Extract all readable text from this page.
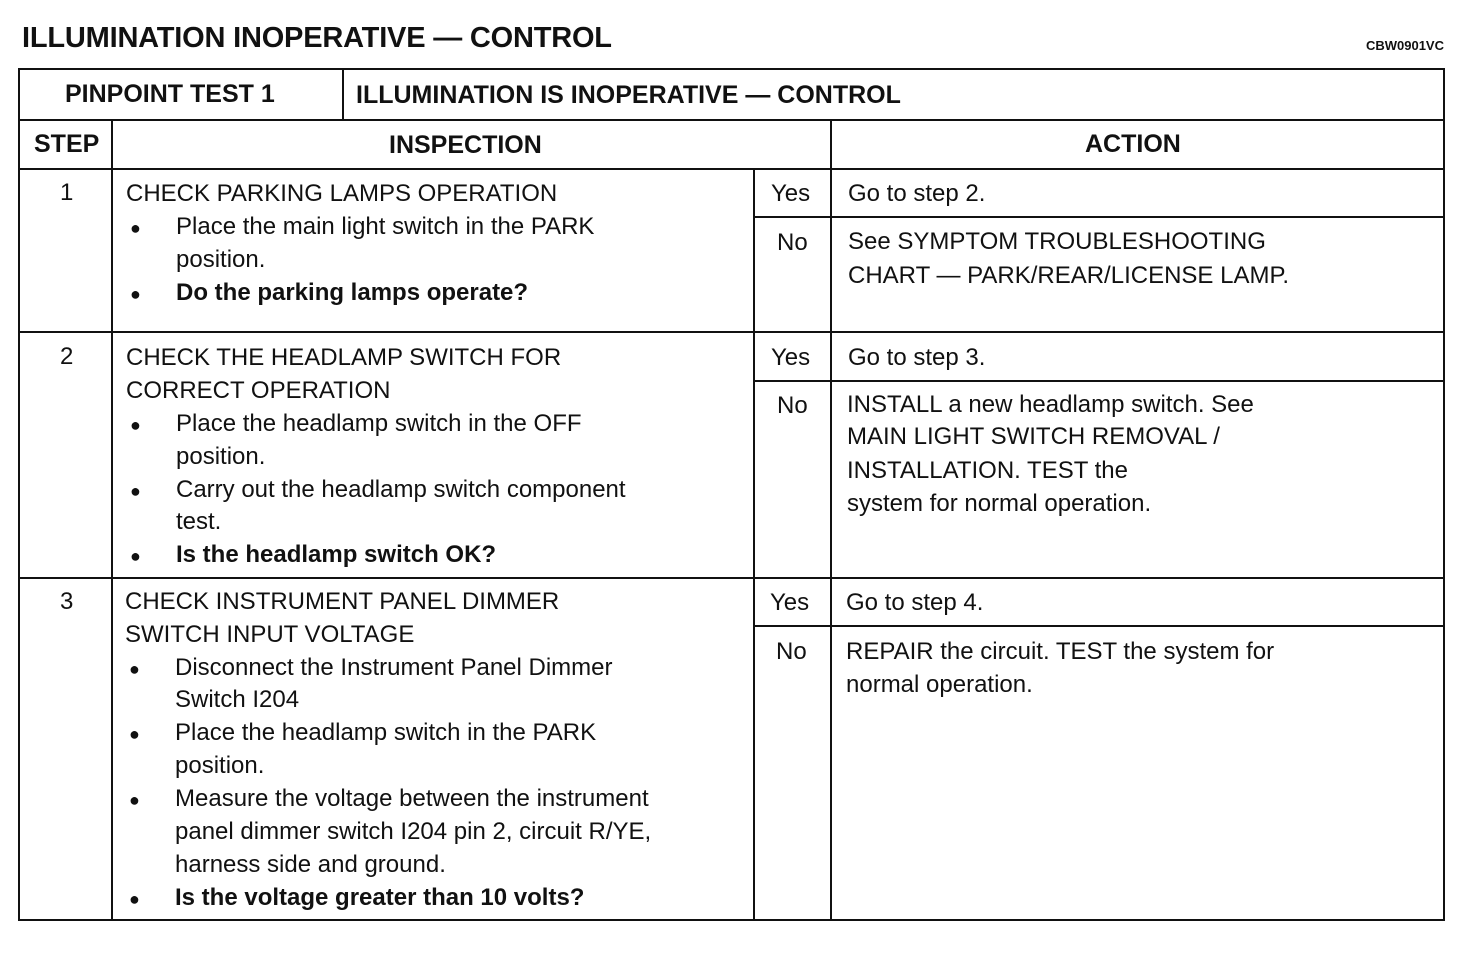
ILLUMINATION INOPERATIVE — CONTROL	CBW0901VC
PINPOINT TEST 1	ILLUMINATION IS INOPERATIVE — CONTROL
STEP	INSPECTION	ACTION
1 CHECK PARKING LAMPS OPERATION
● Place the main light switch in the PARK
position.
● Do the parking lamps operate?
Yes Go to step 2.
No See SYMPTOM TROUBLESHOOTING
CHART — PARK/REAR/LICENSE LAMP.
2 CHECK THE HEADLAMP SWITCH FOR
CORRECT OPERATION
● Place the headlamp switch in the OFF
position.
● Carry out the headlamp switch component
test.
● Is the headlamp switch OK?
Yes Go to step 3.
No INSTALL a new headlamp switch. See
MAIN LIGHT SWITCH REMOVAL /
INSTALLATION. TEST the
system for normal operation.
3 CHECK INSTRUMENT PANEL DIMMER
SWITCH INPUT VOLTAGE
● Disconnect the Instrument Panel Dimmer
Switch I204
● Place the headlamp switch in the PARK
position.
● Measure the voltage between the instrument
panel dimmer switch I204 pin 2, circuit R/YE,
harness side and ground.
● Is the voltage greater than 10 volts?
Yes Go to step 4.
No REPAIR the circuit. TEST the system for
normal operation.
